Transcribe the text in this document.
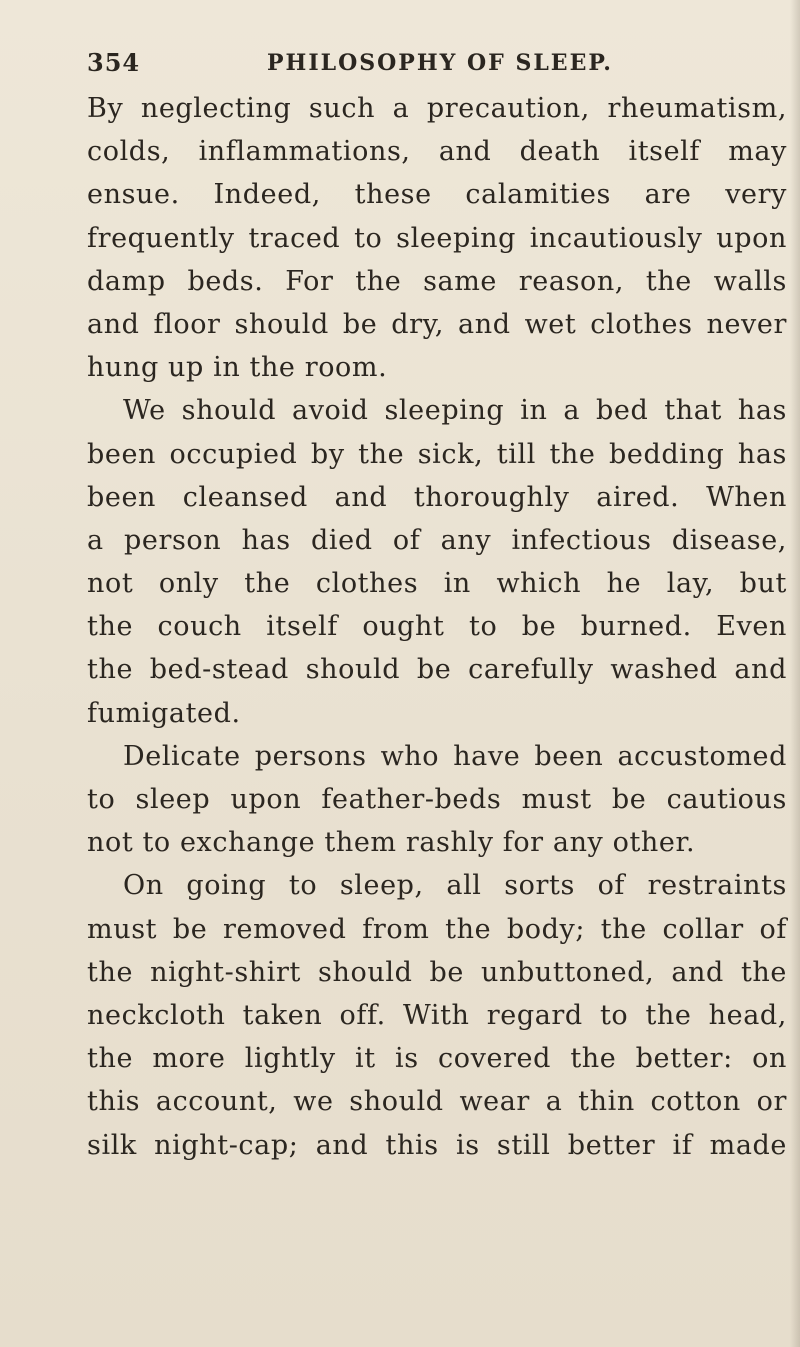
354	PHILOSOPHY OF SLEEP.
By neglecting such a precaution, rheumatism,
colds, inflammations, and death itself may
ensue. Indeed, these calamities are very
frequently traced to sleeping incautiously upon
damp beds. For the same reason, the walls
and floor should be dry, and wet clothes never
hung up in the room.
We should avoid sleeping in a bed that has
been occupied by the sick, till the bedding has
been cleansed and thoroughly aired. When
a person has died of any infectious disease,
not only the clothes in which he lay, but
the couch itself ought to be burned. Even
the bed-stead should be carefully washed and
fumigated.
Delicate persons who have been accustomed
to sleep upon feather-beds must be cautious
not to exchange them rashly for any other.
On going to sleep, all sorts of restraints
must be removed from the body; the collar of
the night-shirt should be unbuttoned, and the
neckcloth taken off. With regard to the head,
the more lightly it is covered the better: on
this account, we should wear a thin cotton or
silk night-cap; and this is still better if made
